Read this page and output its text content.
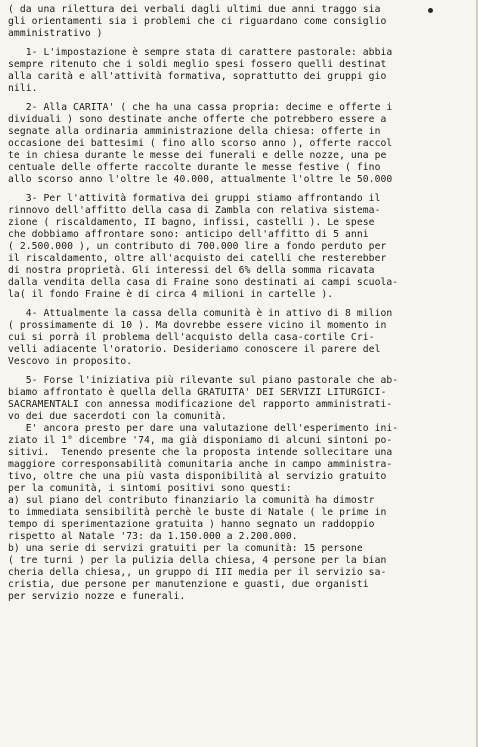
( da una rilettura dei verbali dagli ultimi due anni traggo sia
gli orientamenti sia i problemi che ci riguardano come consiglio
amministrativo )
1- L'impostazione è sempre stata di carattere pastorale: abbia
sempre ritenuto che i soldi meglio spesi fossero quelli destinat
alla carità e all'attività formativa, soprattutto dei gruppi gio
nili.
2- Alla CARITA' ( che ha una cassa propria: decime e offerte i
dividuali ) sono destinate anche offerte che potrebbero essere a
segnate alla ordinaria amministrazione della chiesa: offerte in
occasione dei battesimi ( fino allo scorso anno ), offerte raccol
te in chiesa durante le messe dei funerali e delle nozze, una pe
centuale delle offerte raccolte durante le messe festive ( fino
allo scorso anno l'oltre le 40.000, attualmente l'oltre le 50.000
3- Per l'attività formativa dei gruppi stiamo affrontando il
rinnovo dell'affitto della casa di Zambla con relativa sistema-
zione ( riscaldamento, II bagno, infissi, castelli ). Le spese
che dobbiamo affrontare sono: anticipo dell'affitto di 5 anni
( 2.500.000 ), un contributo di 700.000 lire a fondo perduto per
il riscaldamento, oltre all'acquisto dei catelli che resterebber
di nostra proprietà. Gli interessi del 6% della somma ricavata
dalla vendita della casa di Fraine sono destinati ai campi scuola-
la( il fondo Fraine è di circa 4 milioni in cartelle ).
4- Attualmente la cassa della comunità è in attivo di 8 milion
( prossimamente di 10 ). Ma dovrebbe essere vicino il momento in
cui si porrà il problema dell'acquisto della casa-cortile Cri-
velli adiacente l'oratorio. Desideriamo conoscere il parere del
Vescovo in proposito.
5- Forse l'iniziativa più rilevante sul piano pastorale che ab-
biamo affrontato è quella della GRATUITA' DEI SERVIZI LITURGICI-
SACRAMENTALI con annessa modificazione del rapporto amministrati-
vo dei due sacerdoti con la comunità.
E' ancora presto per dare una valutazione dell'esperimento ini-
ziato il 1° dicembre '74, ma già disponiamo di alcuni sintoni po-
sitivi.  Tenendo presente che la proposta intende sollecitare una
maggiore corresponsabilità comunitaria anche in campo amministra-
tivo, oltre che una più vasta disponibilità al servizio gratuito
per la comunità, i sintomi positivi sono questi:
a) sul piano del contributo finanziario la comunità ha dimostr
to immediata sensibilità perchè le buste di Natale ( le prime in
tempo di sperimentazione gratuita ) hanno segnato un raddoppio
rispetto al Natale '73: da 1.150.000 a 2.200.000.
b) una serie di servizi gratuiti per la comunità: 15 persone
( tre turni ) per la pulizia della chiesa, 4 persone per la bian
cheria della chiesa,, un gruppo di III media per il servizio sa-
cristia, due persone per manutenzione e guasti, due organisti
per servizio nozze e funerali.
